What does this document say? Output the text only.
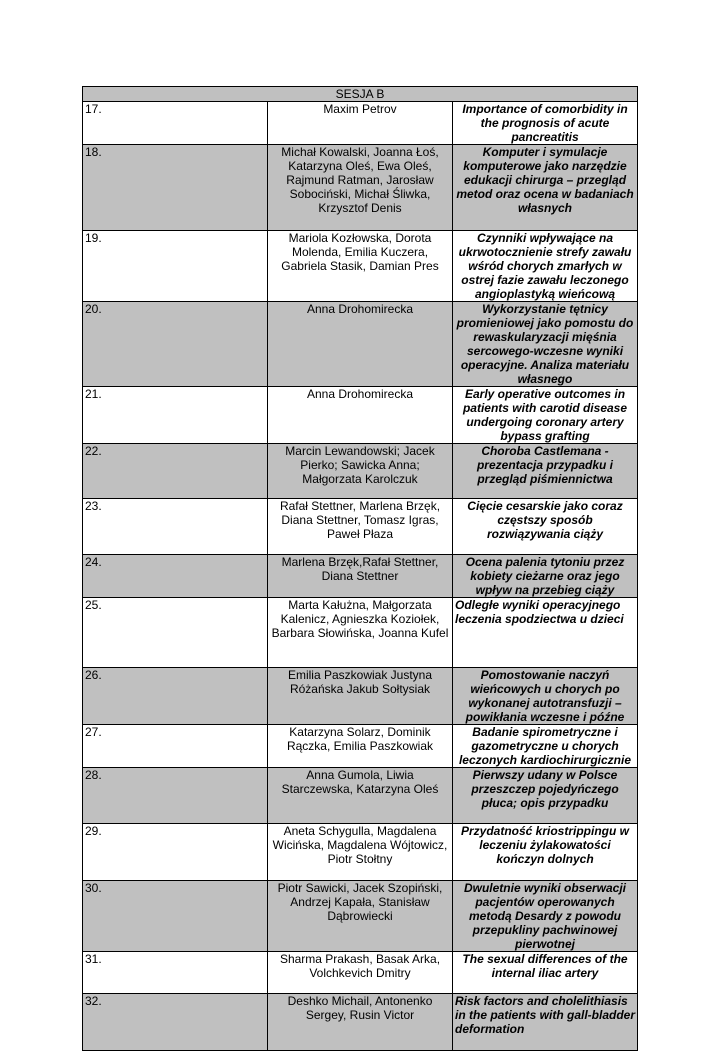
SESJA B		
17.	Maxim Petrov	Importance of comorbidity in the prognosis of acute pancreatitis
18.	Michał Kowalski, Joanna Łoś, Katarzyna Oleś, Ewa Oleś, Rajmund Ratman, Jarosław Sobociński, Michał Śliwka, Krzysztof Denis	Komputer i symulacje komputerowe jako narzędzie edukacji chirurga – przegląd metod oraz ocena w badaniach własnych
19.	Mariola Kozłowska, Dorota Molenda, Emilia Kuczera, Gabriela Stasik, Damian Pres	Czynniki wpływające na ukrwotocznienie strefy zawału wśród chorych zmarłych w ostrej fazie zawału leczonego angioplastyką wieńcową
20.	Anna Drohomirecka	Wykorzystanie tętnicy promieniowej jako pomostu do rewaskularyzacji mięśnia sercowego-wczesne wyniki operacyjne. Analiza materiału własnego
21.	Anna Drohomirecka	Early operative outcomes in patients with carotid disease undergoing coronary artery bypass grafting
22.	Marcin Lewandowski; Jacek Pierko; Sawicka Anna; Małgorzata Karolczuk	Choroba Castlemana - prezentacja przypadku i przegląd piśmiennictwa
23.	Rafał Stettner, Marlena Brzęk, Diana Stettner, Tomasz Igras, Paweł Płaza	Cięcie cesarskie jako coraz częstszy sposób rozwiązywania ciąży
24.	Marlena Brzęk,Rafał Stettner, Diana Stettner	Ocena palenia tytoniu przez kobiety cieżarne oraz jego wpływ na przebieg ciąży
25.	Marta Kałużna, Małgorzata Kalenicz, Agnieszka Koziołek, Barbara Słowińska, Joanna Kufel	Odległe wyniki operacyjnego leczenia spodziectwa u dzieci
26.	Emilia Paszkowiak Justyna Różańska Jakub Sołtysiak	Pomostowanie naczyń wieńcowych u chorych po wykonanej autotransfuzji – powikłania wczesne i późne
27.	Katarzyna Solarz, Dominik Rączka, Emilia Paszkowiak	Badanie spirometryczne i gazometryczne u chorych leczonych kardiochirurgicznie
28.	Anna Gumola, Liwia Starczewska, Katarzyna Oleś	Pierwszy udany w Polsce przeszczep pojedyńczego płuca; opis przypadku
29.	Aneta Schygulla, Magdalena Wicińska, Magdalena Wójtowicz, Piotr Stołtny	Przydatność kriostrippingu w leczeniu żylakowatości kończyn dolnych
30.	Piotr Sawicki, Jacek Szopiński, Andrzej Kapała, Stanisław Dąbrowiecki	Dwuletnie wyniki obserwacji pacjentów operowanych metodą Desardy z powodu przepukliny pachwinowej pierwotnej
31.	Sharma Prakash, Basak Arka, Volchkevich Dmitry	The sexual differences of the internal iliac artery
32.	Deshko Michail, Antonenko Sergey, Rusin Victor	Risk factors and cholelithiasis in the patients with gall-bladder deformation
